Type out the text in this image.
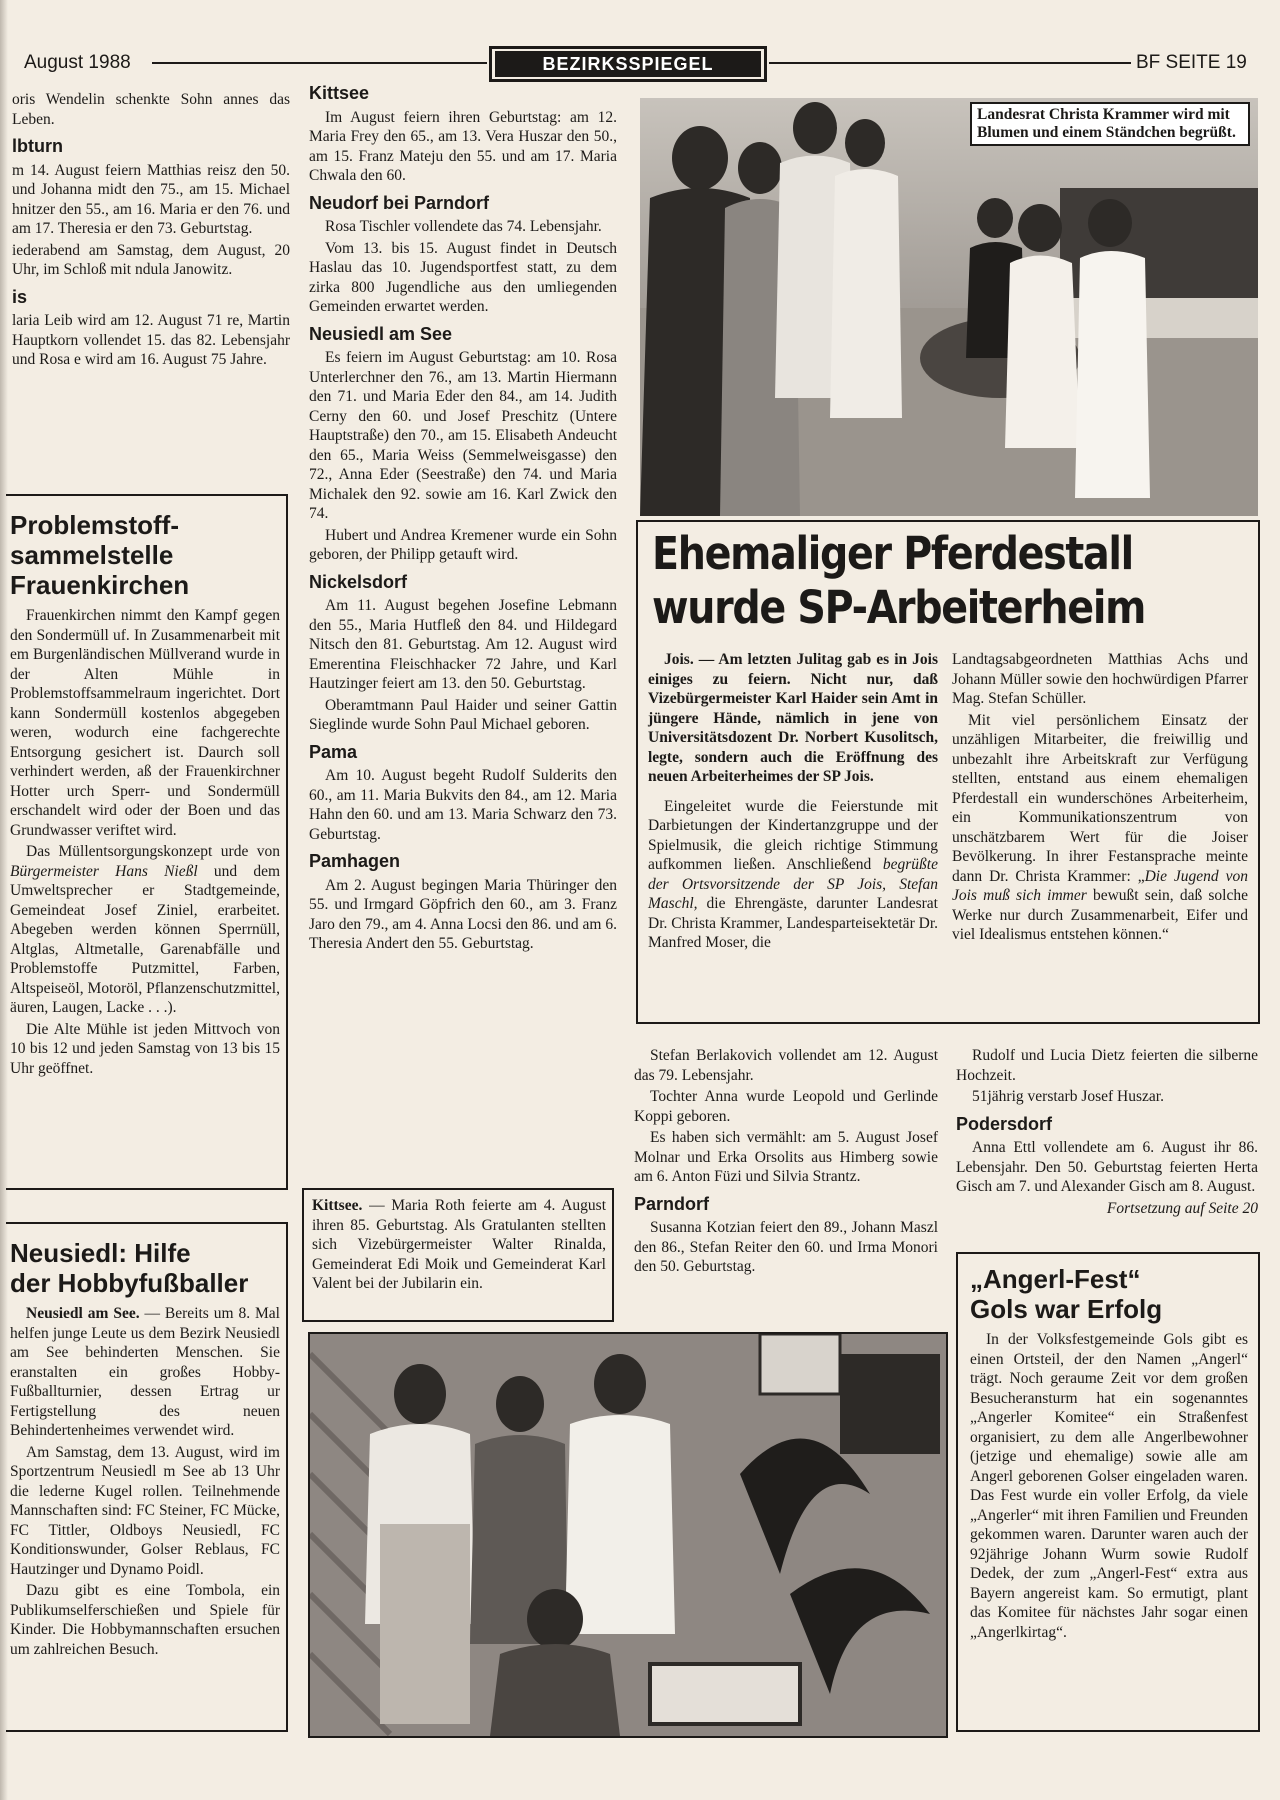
August 1988	BEZIRKSSPIEGEL	BF SEITE 19

oris Wendelin schenkte Sohn annes das Leben.

lbturn

m 14. August feiern Matthias reisz den 50. und Johanna midt den 75., am 15. Michael hnitzer den 55., am 16. Maria er den 76. und am 17. Theresia er den 73. Geburtstag.

iederabend am Samstag, dem August, 20 Uhr, im Schloß mit ndula Janowitz.

is

laria Leib wird am 12. August 71 re, Martin Hauptkorn vollendet 15. das 82. Lebensjahr und Rosa e wird am 16. August 75 Jahre.

Problemstoff-
sammelstelle
Frauenkirchen

Frauenkirchen nimmt den Kampf gegen den Sondermüll uf. In Zusammenarbeit mit em Burgenländischen Müllverand wurde in der Alten Mühle in Problemstoffsammelraum ingerichtet. Dort kann Sondermüll kostenlos abgegeben weren, wodurch eine fachgerechte Entsorgung gesichert ist. Daurch soll verhindert werden, aß der Frauenkirchner Hotter urch Sperr- und Sondermüll erschandelt wird oder der Boen und das Grundwasser veriftet wird.

Das Müllentsorgungskonzept urde von Bürgermeister Hans Nießl und dem Umweltsprecher er Stadtgemeinde, Gemeindeat Josef Ziniel, erarbeitet. Abegeben werden können Sperrnüll, Altglas, Altmetalle, Garenabfälle und Problemstoffe Putzmittel, Farben, Altspeiseöl, Motoröl, Pflanzenschutzmittel, äuren, Laugen, Lacke . . .).

Die Alte Mühle ist jeden Mittvoch von 10 bis 12 und jeden Samstag von 13 bis 15 Uhr geöffnet.

Neusiedl: Hilfe
der Hobbyfußballer

Neusiedl am See. — Bereits um 8. Mal helfen junge Leute us dem Bezirk Neusiedl am See behinderten Menschen. Sie eranstalten ein großes Hobby-Fußballturnier, dessen Ertrag ur Fertigstellung des neuen Behindertenheimes verwendet wird.

Am Samstag, dem 13. August, wird im Sportzentrum Neusiedl m See ab 13 Uhr die lederne Kugel rollen. Teilnehmende Mannschaften sind: FC Steiner, FC Mücke, FC Tittler, Oldboys Neusiedl, FC Konditionswunder, Golser Reblaus, FC Hautzinger und Dynamo Poidl.

Dazu gibt es eine Tombola, ein Publikumselferschießen und Spiele für Kinder. Die Hobbymannschaften ersuchen um zahlreichen Besuch.

Kittsee

Im August feiern ihren Geburtstag: am 12. Maria Frey den 65., am 13. Vera Huszar den 50., am 15. Franz Mateju den 55. und am 17. Maria Chwala den 60.

Neudorf bei Parndorf

Rosa Tischler vollendete das 74. Lebensjahr.

Vom 13. bis 15. August findet in Deutsch Haslau das 10. Jugendsportfest statt, zu dem zirka 800 Jugendliche aus den umliegenden Gemeinden erwartet werden.

Neusiedl am See

Es feiern im August Geburtstag: am 10. Rosa Unterlerchner den 76., am 13. Martin Hiermann den 71. und Maria Eder den 84., am 14. Judith Cerny den 60. und Josef Preschitz (Untere Hauptstraße) den 70., am 15. Elisabeth Andeucht den 65., Maria Weiss (Semmelweisgasse) den 72., Anna Eder (Seestraße) den 74. und Maria Michalek den 92. sowie am 16. Karl Zwick den 74.

Hubert und Andrea Kremener wurde ein Sohn geboren, der Philipp getauft wird.

Nickelsdorf

Am 11. August begehen Josefine Lebmann den 55., Maria Hutfleß den 84. und Hildegard Nitsch den 81. Geburtstag. Am 12. August wird Emerentina Fleischhacker 72 Jahre, und Karl Hautzinger feiert am 13. den 50. Geburtstag.

Oberamtmann Paul Haider und seiner Gattin Sieglinde wurde Sohn Paul Michael geboren.

Pama

Am 10. August begeht Rudolf Sulderits den 60., am 11. Maria Bukvits den 84., am 12. Maria Hahn den 60. und am 13. Maria Schwarz den 73. Geburtstag.

Pamhagen

Am 2. August begingen Maria Thüringer den 55. und Irmgard Göpfrich den 60., am 3. Franz Jaro den 79., am 4. Anna Locsi den 86. und am 6. Theresia Andert den 55. Geburtstag.

Kittsee. — Maria Roth feierte am 4. August ihren 85. Geburtstag. Als Gratulanten stellten sich Vizebürgermeister Walter Rinalda, Gemeinderat Edi Moik und Gemeinderat Karl Valent bei der Jubilarin ein.

Landesrat Christa Krammer wird mit Blumen und einem Ständchen begrüßt.
Ehemaliger Pferdestall
wurde SP-Arbeiterheim

Jois. — Am letzten Julitag gab es in Jois einiges zu feiern. Nicht nur, daß Vizebürgermeister Karl Haider sein Amt in jüngere Hände, nämlich in jene von Universitätsdozent Dr. Norbert Kusolitsch, legte, sondern auch die Eröffnung des neuen Arbeiterheimes der SP Jois.

Eingeleitet wurde die Feierstunde mit Darbietungen der Kindertanzgruppe und der Spielmusik, die gleich richtige Stimmung aufkommen ließen. Anschließend begrüßte der Ortsvorsitzende der SP Jois, Stefan Maschl, die Ehrengäste, darunter Landesrat Dr. Christa Krammer, Landesparteisektetär Dr. Manfred Moser, die

Landtagsabgeordneten Matthias Achs und Johann Müller sowie den hochwürdigen Pfarrer Mag. Stefan Schüller.

Mit viel persönlichem Einsatz der unzähligen Mitarbeiter, die freiwillig und unbezahlt ihre Arbeitskraft zur Verfügung stellten, entstand aus einem ehemaligen Pferdestall ein wunderschönes Arbeiterheim, ein Kommunikationszentrum von unschätzbarem Wert für die Joiser Bevölkerung. In ihrer Festansprache meinte dann Dr. Christa Krammer: „Die Jugend von Jois muß sich immer bewußt sein, daß solche Werke nur durch Zusammenarbeit, Eifer und viel Idealismus entstehen können.“

Stefan Berlakovich vollendet am 12. August das 79. Lebensjahr.

Tochter Anna wurde Leopold und Gerlinde Koppi geboren.

Es haben sich vermählt: am 5. August Josef Molnar und Erka Orsolits aus Himberg sowie am 6. Anton Füzi und Silvia Strantz.

Parndorf

Susanna Kotzian feiert den 89., Johann Maszl den 86., Stefan Reiter den 60. und Irma Monori den 50. Geburtstag.

Rudolf und Lucia Dietz feierten die silberne Hochzeit.

51jährig verstarb Josef Huszar.

Podersdorf

Anna Ettl vollendete am 6. August ihr 86. Lebensjahr. Den 50. Geburtstag feierten Herta Gisch am 7. und Alexander Gisch am 8. August.

Fortsetzung auf Seite 20

„Angerl-Fest“
Gols war Erfolg

In der Volksfestgemeinde Gols gibt es einen Ortsteil, der den Namen „Angerl“ trägt. Noch geraume Zeit vor dem großen Besucheransturm hat ein sogenanntes „Angerler Komitee“ ein Straßenfest organisiert, zu dem alle Angerlbewohner (jetzige und ehemalige) sowie alle am Angerl geborenen Golser eingeladen waren. Das Fest wurde ein voller Erfolg, da viele „Angerler“ mit ihren Familien und Freunden gekommen waren. Darunter waren auch der 92jährige Johann Wurm sowie Rudolf Dedek, der zum „Angerl-Fest“ extra aus Bayern angereist kam. So ermutigt, plant das Komitee für nächstes Jahr sogar einen „Angerlkirtag“.
